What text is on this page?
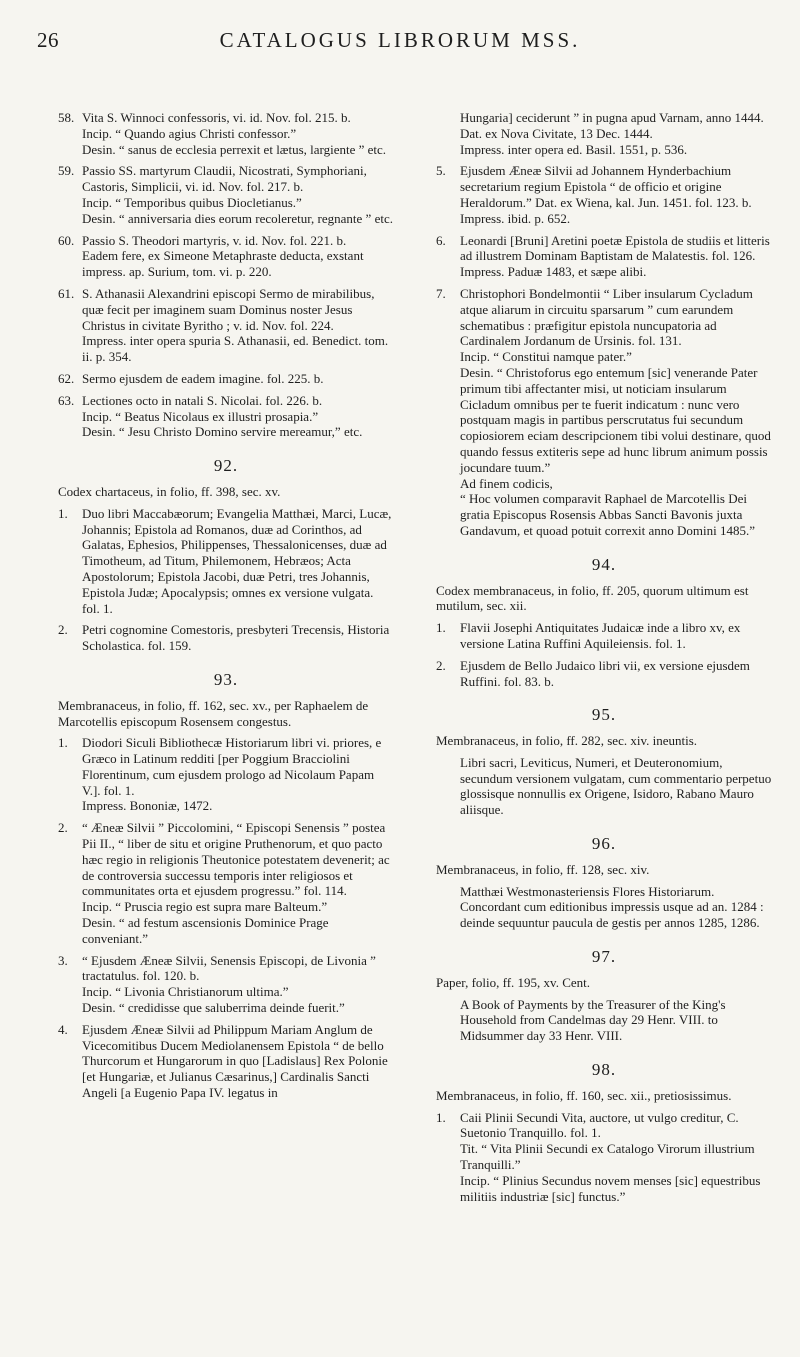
26	CATALOGUS LIBRORUM MSS.
58. Vita S. Winnoci confessoris, vi. id. Nov. fol. 215. b.
Incip. “ Quando agius Christi confessor.”
Desin. “ sanus de ecclesia perrexit et lætus, largiente ” etc.
59. Passio SS. martyrum Claudii, Nicostrati, Symphoriani, Castoris, Simplicii, vi. id. Nov. fol. 217. b.
Incip. “ Temporibus quibus Diocletianus.”
Desin. “ anniversaria dies eorum recoleretur, regnante ” etc.
60. Passio S. Theodori martyris, v. id. Nov. fol. 221. b.
Eadem fere, ex Simeone Metaphraste deducta, exstant impress. ap. Surium, tom. vi. p. 220.
61. S. Athanasii Alexandrini episcopi Sermo de mirabilibus, quæ fecit per imaginem suam Dominus noster Jesus Christus in civitate Byritho ; v. id. Nov. fol. 224.
Impress. inter opera spuria S. Athanasii, ed. Benedict. tom. ii. p. 354.
62. Sermo ejusdem de eadem imagine. fol. 225. b.
63. Lectiones octo in natali S. Nicolai. fol. 226. b.
Incip. “ Beatus Nicolaus ex illustri prosapia.”
Desin. “ Jesu Christo Domino servire mereamur,” etc.
92.
Codex chartaceus, in folio, ff. 398, sec. xv.
1. Duo libri Maccabæorum; Evangelia Matthæi, Marci, Lucæ, Johannis; Epistola ad Romanos, duæ ad Corinthos, ad Galatas, Ephesios, Philippenses, Thessalonicenses, duæ ad Timotheum, ad Titum, Philemonem, Hebræos; Acta Apostolorum; Epistola Jacobi, duæ Petri, tres Johannis, Epistola Judæ; Apocalypsis; omnes ex versione vulgata. fol. 1.
2. Petri cognomine Comestoris, presbyteri Trecensis, Historia Scholastica. fol. 159.
93.
Membranaceus, in folio, ff. 162, sec. xv., per Raphaelem de Marcotellis episcopum Rosensem congestus.
1. Diodori Siculi Bibliothecæ Historiarum libri vi. priores, e Græco in Latinum redditi [per Poggium Bracciolini Florentinum, cum ejusdem prologo ad Nicolaum Papam V.]. fol. 1.
Impress. Bononiæ, 1472.
2. “ Æneæ Silvii ” Piccolomini, “ Episcopi Senensis ” postea Pii II., “ liber de situ et origine Pruthenorum, et quo pacto hæc regio in religionis Theutonice potestatem devenerit; ac de controversia successu temporis inter religiosos et communitates orta et ejusdem progressu.” fol. 114.
Incip. “ Pruscia regio est supra mare Balteum.”
Desin. “ ad festum ascensionis Dominice Prage conveniant.”
3. “ Ejusdem Æneæ Silvii, Senensis Episcopi, de Livonia ” tractatulus. fol. 120. b.
Incip. “ Livonia Christianorum ultima.”
Desin. “ credidisse que saluberrima deinde fuerit.”
4. Ejusdem Æneæ Silvii ad Philippum Mariam Anglum de Vicecomitibus Ducem Mediolanensem Epistola “ de bello Thurcorum et Hungarorum in quo [Ladislaus] Rex Polonie [et Hungariæ, et Julianus Cæsarinus,] Cardinalis Sancti Angeli [a Eugenio Papa IV. legatus in
Hungaria] ceciderunt ” in pugna apud Varnam, anno 1444. Dat. ex Nova Civitate, 13 Dec. 1444.
Impress. inter opera ed. Basil. 1551, p. 536.
5. Ejusdem Æneæ Silvii ad Johannem Hynderbachium secretarium regium Epistola “ de officio et origine Heraldorum.” Dat. ex Wiena, kal. Jun. 1451. fol. 123. b.
Impress. ibid. p. 652.
6. Leonardi [Bruni] Aretini poetæ Epistola de studiis et litteris ad illustrem Dominam Baptistam de Malatestis. fol. 126.
Impress. Paduæ 1483, et sæpe alibi.
7. Christophori Bondelmontii “ Liber insularum Cycladum atque aliarum in circuitu sparsarum ” cum earundem schematibus : præfigitur epistola nuncupatoria ad Cardinalem Jordanum de Ursinis. fol. 131.
Incip. “ Constitui namque pater.”
Desin. “ Christoforus ego entemum [sic] venerande Pater primum tibi affectanter misi, ut noticiam insularum Cicladum omnibus per te fuerit indicatum : nunc vero postquam magis in partibus perscrutatus fui secundum copiosiorem eciam descripcionem tibi volui destinare, quod quando fessus extiteris sepe ad hunc librum animum possis jocundare tuum.”
Ad finem codicis,
“ Hoc volumen comparavit Raphael de Marcotellis Dei gratia Episcopus Rosensis Abbas Sancti Bavonis juxta Gandavum, et quoad potuit correxit anno Domini 1485.”
94.
Codex membranaceus, in folio, ff. 205, quorum ultimum est mutilum, sec. xii.
1. Flavii Josephi Antiquitates Judaicæ inde a libro xv, ex versione Latina Ruffini Aquileiensis. fol. 1.
2. Ejusdem de Bello Judaico libri vii, ex versione ejusdem Ruffini. fol. 83. b.
95.
Membranaceus, in folio, ff. 282, sec. xiv. ineuntis.
Libri sacri, Leviticus, Numeri, et Deuteronomium, secundum versionem vulgatam, cum commentario perpetuo glossisque nonnullis ex Origene, Isidoro, Rabano Mauro aliisque.
96.
Membranaceus, in folio, ff. 128, sec. xiv.
Matthæi Westmonasteriensis Flores Historiarum. Concordant cum editionibus impressis usque ad an. 1284 : deinde sequuntur paucula de gestis per annos 1285, 1286.
97.
Paper, folio, ff. 195, xv. Cent.
A Book of Payments by the Treasurer of the King's Household from Candelmas day 29 Henr. VIII. to Midsummer day 33 Henr. VIII.
98.
Membranaceus, in folio, ff. 160, sec. xii., pretiosissimus.
1. Caii Plinii Secundi Vita, auctore, ut vulgo creditur, C. Suetonio Tranquillo. fol. 1.
Tit. “ Vita Plinii Secundi ex Catalogo Virorum illustrium Tranquilli.”
Incip. “ Plinius Secundus novem menses [sic] equestribus militiis industriæ [sic] functus.”
